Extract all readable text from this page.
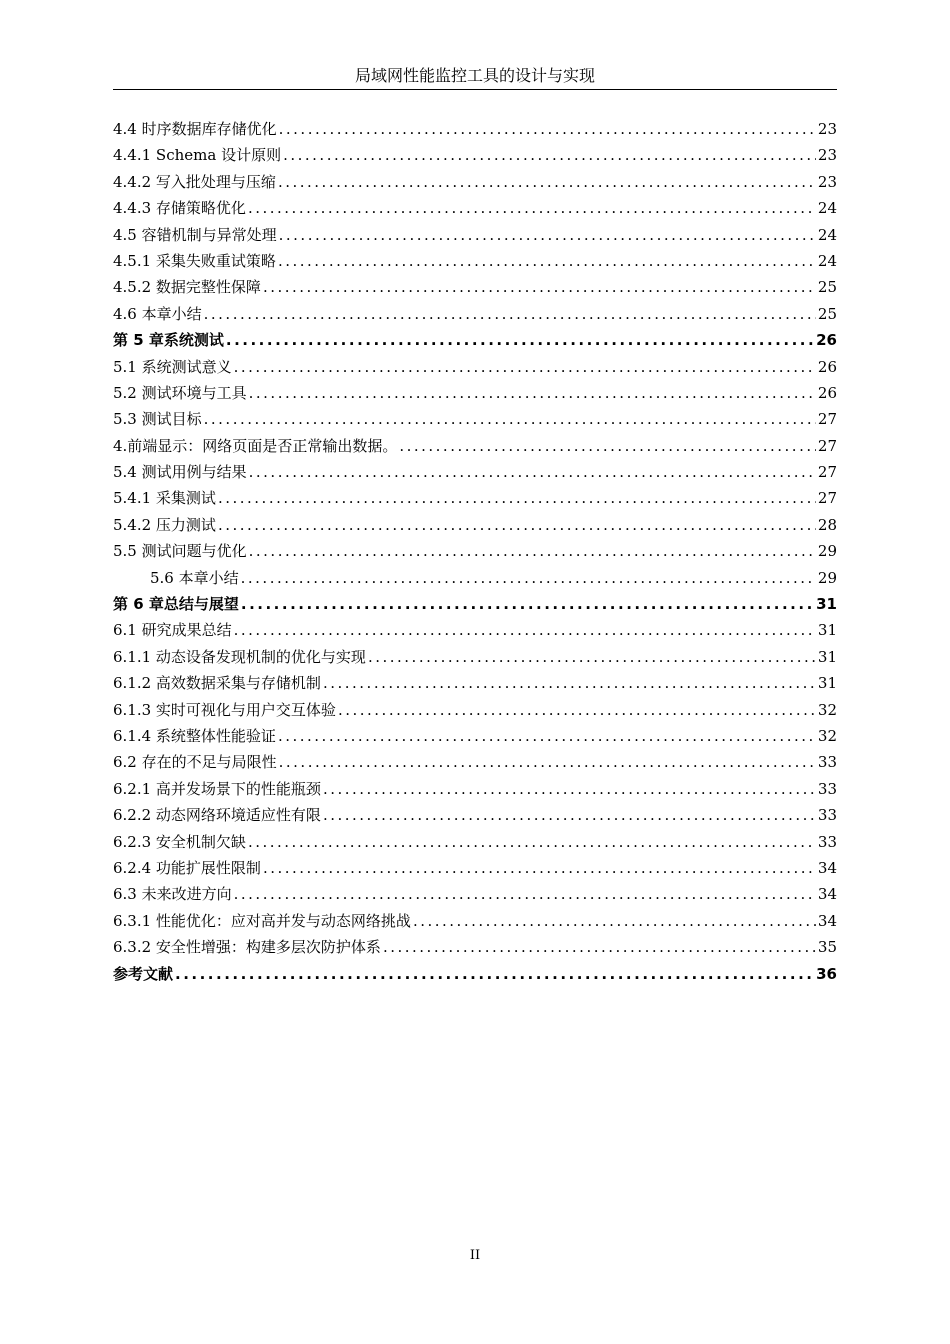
局域网性能监控工具的设计与实现
4.4 时序数据库存储优化 .....	23
4.4.1 Schema 设计原则 .....	23
4.4.2 写入批处理与压缩 .....	23
4.4.3 存储策略优化 .....	24
4.5 容错机制与异常处理 .....	24
4.5.1 采集失败重试策略 .....	24
4.5.2 数据完整性保障 .....	25
4.6 本章小结 .....	25
第 5 章系统测试 .....	26
5.1 系统测试意义 .....	26
5.2 测试环境与工具 .....	26
5.3 测试目标 .....	27
4.前端显示：网络页面是否正常输出数据。 .....	27
5.4 测试用例与结果 .....	27
5.4.1 采集测试 .....	27
5.4.2 压力测试 .....	28
5.5 测试问题与优化 .....	29
5.6 本章小结 .....	29
第 6 章总结与展望 .....	31
6.1 研究成果总结 .....	31
6.1.1 动态设备发现机制的优化与实现 .....	31
6.1.2 高效数据采集与存储机制 .....	31
6.1.3 实时可视化与用户交互体验 .....	32
6.1.4 系统整体性能验证 .....	32
6.2 存在的不足与局限性 .....	33
6.2.1 高并发场景下的性能瓶颈 .....	33
6.2.2 动态网络环境适应性有限 .....	33
6.2.3 安全机制欠缺 .....	33
6.2.4 功能扩展性限制 .....	34
6.3 未来改进方向 .....	34
6.3.1 性能优化：应对高并发与动态网络挑战 .....	34
6.3.2 安全性增强：构建多层次防护体系 .....	35
参考文献 .....	36
II
